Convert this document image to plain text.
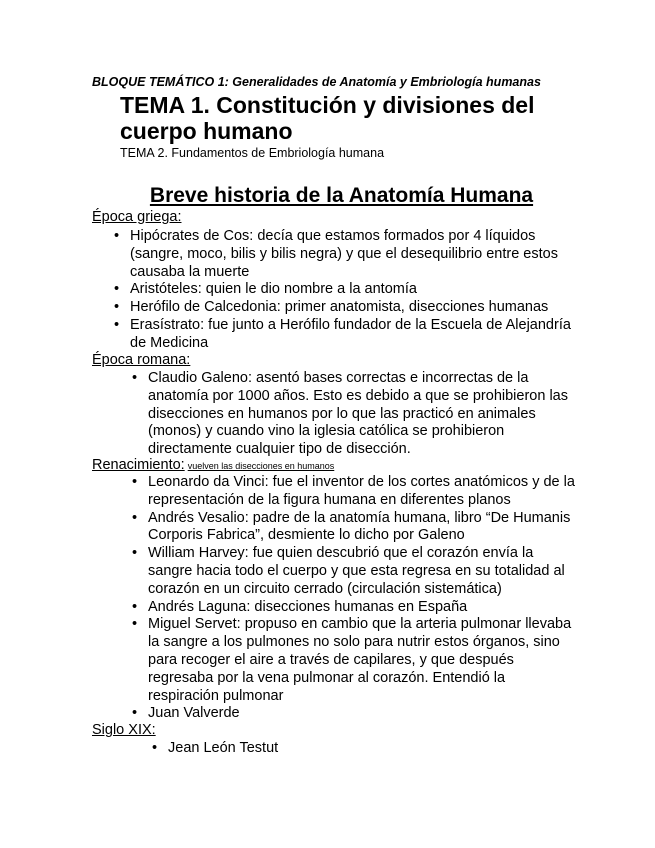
BLOQUE TEMÁTICO 1: Generalidades de Anatomía y Embriología humanas
TEMA 1. Constitución y divisiones del cuerpo humano
TEMA 2. Fundamentos de Embriología humana
Breve historia de la Anatomía Humana
Época griega:
• Hipócrates de Cos: decía que estamos formados por 4 líquidos (sangre, moco, bilis y bilis negra) y que el desequilibrio entre estos causaba la muerte
• Aristóteles: quien le dio nombre a la antomía
• Herófilo de Calcedonia: primer anatomista, disecciones humanas
• Erasístrato: fue junto a Herófilo fundador de la Escuela de Alejandría de Medicina
Época romana:
• Claudio Galeno: asentó bases correctas e incorrectas de la anatomía por 1000 años. Esto es debido a que se prohibieron las disecciones en humanos por lo que las practicó en animales (monos) y cuando vino la iglesia católica se prohibieron directamente cualquier tipo de disección.
Renacimiento: vuelven las disecciones en humanos
• Leonardo da Vinci: fue el inventor de los cortes anatómicos y de la representación de la figura humana en diferentes planos
• Andrés Vesalio: padre de la anatomía humana, libro “De Humanis Corporis Fabrica”, desmiente lo dicho por Galeno
• William Harvey: fue quien descubrió que el corazón envía la sangre hacia todo el cuerpo y que esta regresa en su totalidad al corazón en un circuito cerrado (circulación sistemática)
• Andrés Laguna: disecciones humanas en España
• Miguel Servet: propuso en cambio que la arteria pulmonar llevaba la sangre a los pulmones no solo para nutrir estos órganos, sino para recoger el aire a través de capilares, y que después regresaba por la vena pulmonar al corazón. Entendió la respiración pulmonar
• Juan Valverde
Siglo XIX:
• Jean León Testut
